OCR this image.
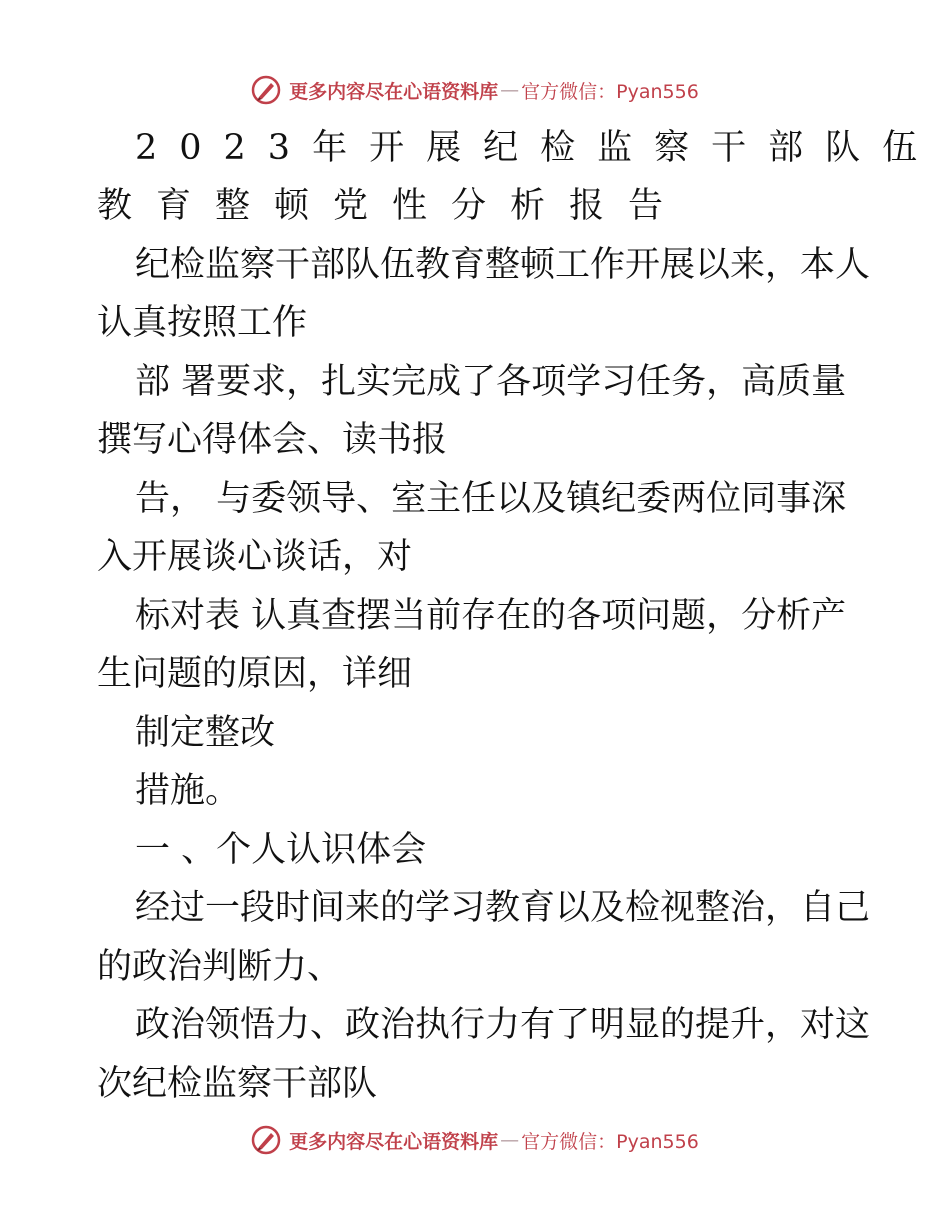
更多内容尽在心语资料库 — 官方微信：Pyan556
2023年开展纪检监察干部队伍
教育整顿党性分析报告
纪检监察干部队伍教育整顿工作开展以来，本人
认真按照工作
部 署要求，扎实完成了各项学习任务，高质量
撰写心得体会、读书报
告， 与委领导、室主任以及镇纪委两位同事深
入开展谈心谈话，对
标对表 认真查摆当前存在的各项问题，分析产
生问题的原因，详细
制定整改
措施。
一 、个人认识体会
经过一段时间来的学习教育以及检视整治，自己
的政治判断力、
政治领悟力、政治执行力有了明显的提升，对这
次纪检监察干部队
更多内容尽在心语资料库 — 官方微信：Pyan556
